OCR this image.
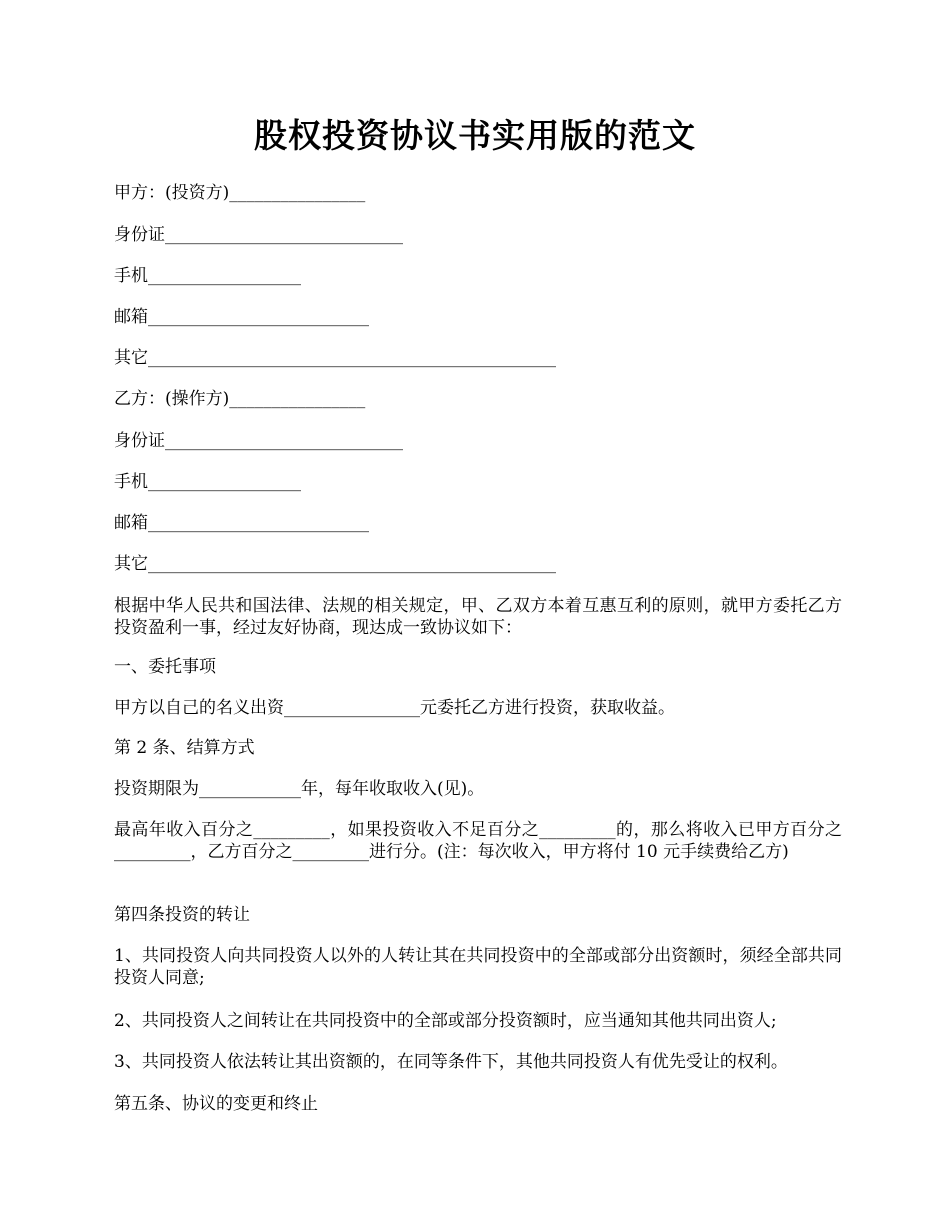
股权投资协议书实用版的范文

甲方：(投资方)________________

身份证____________________________

手机__________________

邮箱__________________________

其它________________________________________________

乙方：(操作方)________________

身份证____________________________

手机__________________

邮箱__________________________

其它________________________________________________

根据中华人民共和国法律、法规的相关规定，甲、乙双方本着互惠互利的原则，就甲方委托乙方投资盈利一事，经过友好协商，现达成一致协议如下：

一、委托事项

甲方以自己的名义出资________________元委托乙方进行投资，获取收益。

第 2 条、结算方式

投资期限为____________年，每年收取收入(见)。

最高年收入百分之_________，如果投资收入不足百分之_________的，那么将收入已甲方百分之_________，乙方百分之_________进行分。(注：每次收入，甲方将付 10 元手续费给乙方)

第四条投资的转让

1、共同投资人向共同投资人以外的人转让其在共同投资中的全部或部分出资额时，须经全部共同投资人同意;

2、共同投资人之间转让在共同投资中的全部或部分投资额时，应当通知其他共同出资人;

3、共同投资人依法转让其出资额的，在同等条件下，其他共同投资人有优先受让的权利。

第五条、协议的变更和终止
